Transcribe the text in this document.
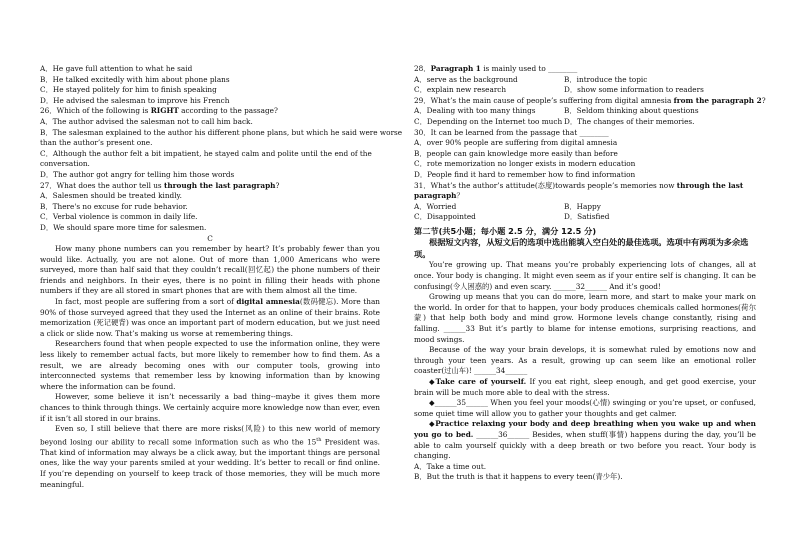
A．He gave full attention to what he said
B．He talked excitedly with him about phone plans
C．He stayed politely for him to finish speaking
D．He advised the salesman to improve his French
26．Which of the following is RIGHT according to the passage?
A．The author advised the salesman not to call him back.
B．The salesman explained to the author his different phone plans, but which he said were worse
than the author’s present one.
C．Although the author felt a bit impatient, he stayed calm and polite until the end of the
conversation.
D．The author got angry for telling him those words
27．What does the author tell us through the last paragraph?
A．Salesmen should be treated kindly.
B．There's no excuse for rude behavior.
C．Verbal violence is common in daily life.
D．We should spare more time for salesmen.
C

How many phone numbers can you remember by heart? It’s probably fewer than you would like. Actually, you are not alone. Out of more than 1,000 Americans who were surveyed, more than half said that they couldn’t recall(回忆起) the phone numbers of their friends and neighbors. In their eyes, there is no point in filling their heads with phone numbers if they are all stored in smart phones that are with them almost all the time.

In fact, most people are suffering from a sort of digital amnesia(数码健忘). More than 90% of those surveyed agreed that they used the Internet as an online of their brains. Rote memorization (死记硬背) was once an important part of modern education, but we just need a click or slide now. That’s making us worse at remembering things.

Researchers found that when people expected to use the information online, they were less likely to remember actual facts, but more likely to remember how to find them. As a result, we are already becoming ones with our computer tools, growing into interconnected systems that remember less by knowing information than by knowing where the information can be found.

However, some believe it isn’t necessarily a bad thing--maybe it gives them more chances to think through things. We certainly acquire more knowledge now than ever, even if it isn’t all stored in our brains.

Even so, I still believe that there are more risks(风险) to this new world of memory beyond losing our ability to recall some information such as who the 15th President was. That kind of information may always be a click away, but the important things are personal ones, like the way your parents smiled at your wedding. It’s better to recall or find online. If you’re depending on yourself to keep track of those memories, they will be much more meaningful.

28．Paragraph 1 is mainly used to ________
A．serve as the background	B．introduce the topic
C．explain new research	D．show some information to readers
29．What’s the main cause of people’s suffering from digital amnesia from the paragraph 2?
A．Dealing with too many things	B．Seldom thinking about questions
C．Depending on the Internet too much D．The changes of their memories.
30．It can be learned from the passage that ________
A．over 90% people are suffering from digital amnesia
B．people can gain knowledge more easily than before
C．rote memorization no longer exists in modern education
D．People find it hard to remember how to find information
31．What’s the author’s attitude(态度)towards people’s memories now through the last
paragraph？
A．Worried	B．Happy
C．Disappointed	D．Satisfied
第二节(共5小题；每小题 2.5 分，满分 12.5 分)
根据短文内容，从短文后的选项中选出能填入空白处的最佳选项。选项中有两项为多余选项。

You’re growing up. That means you’re probably experiencing lots of changes, all at once. Your body is changing. It might even seem as if your entire self is changing. It can be confusing(令人困惑的) and even scary. ______32______ And it’s good!

Growing up means that you can do more, learn more, and start to make your mark on the world. In order for that to happen, your body produces chemicals called hormones(荷尔蒙) that help both body and mind grow. Hormone levels change constantly, rising and falling. ______33 But it’s partly to blame for intense emotions, surprising reactions, and mood swings.

Because of the way your brain develops, it is somewhat ruled by emotions now and through your teen years. As a result, growing up can seem like an emotional roller coaster(过山车)! ______34______

◆Take care of yourself. If you eat right, sleep enough, and get good exercise, your brain will be much more able to deal with the stress.

◆______35______ When you feel your moods(心情) swinging or you’re upset, or confused, some quiet time will allow you to gather your thoughts and get calmer.

◆Practice relaxing your body and deep breathing when you wake up and when you go to bed. ______36______ Besides, when stuff(事情) happens during the day, you’ll be able to calm yourself quickly with a deep breath or two before you react. Your body is changing.

A．Take a time out.
B．But the truth is that it happens to every teen(青少年).
